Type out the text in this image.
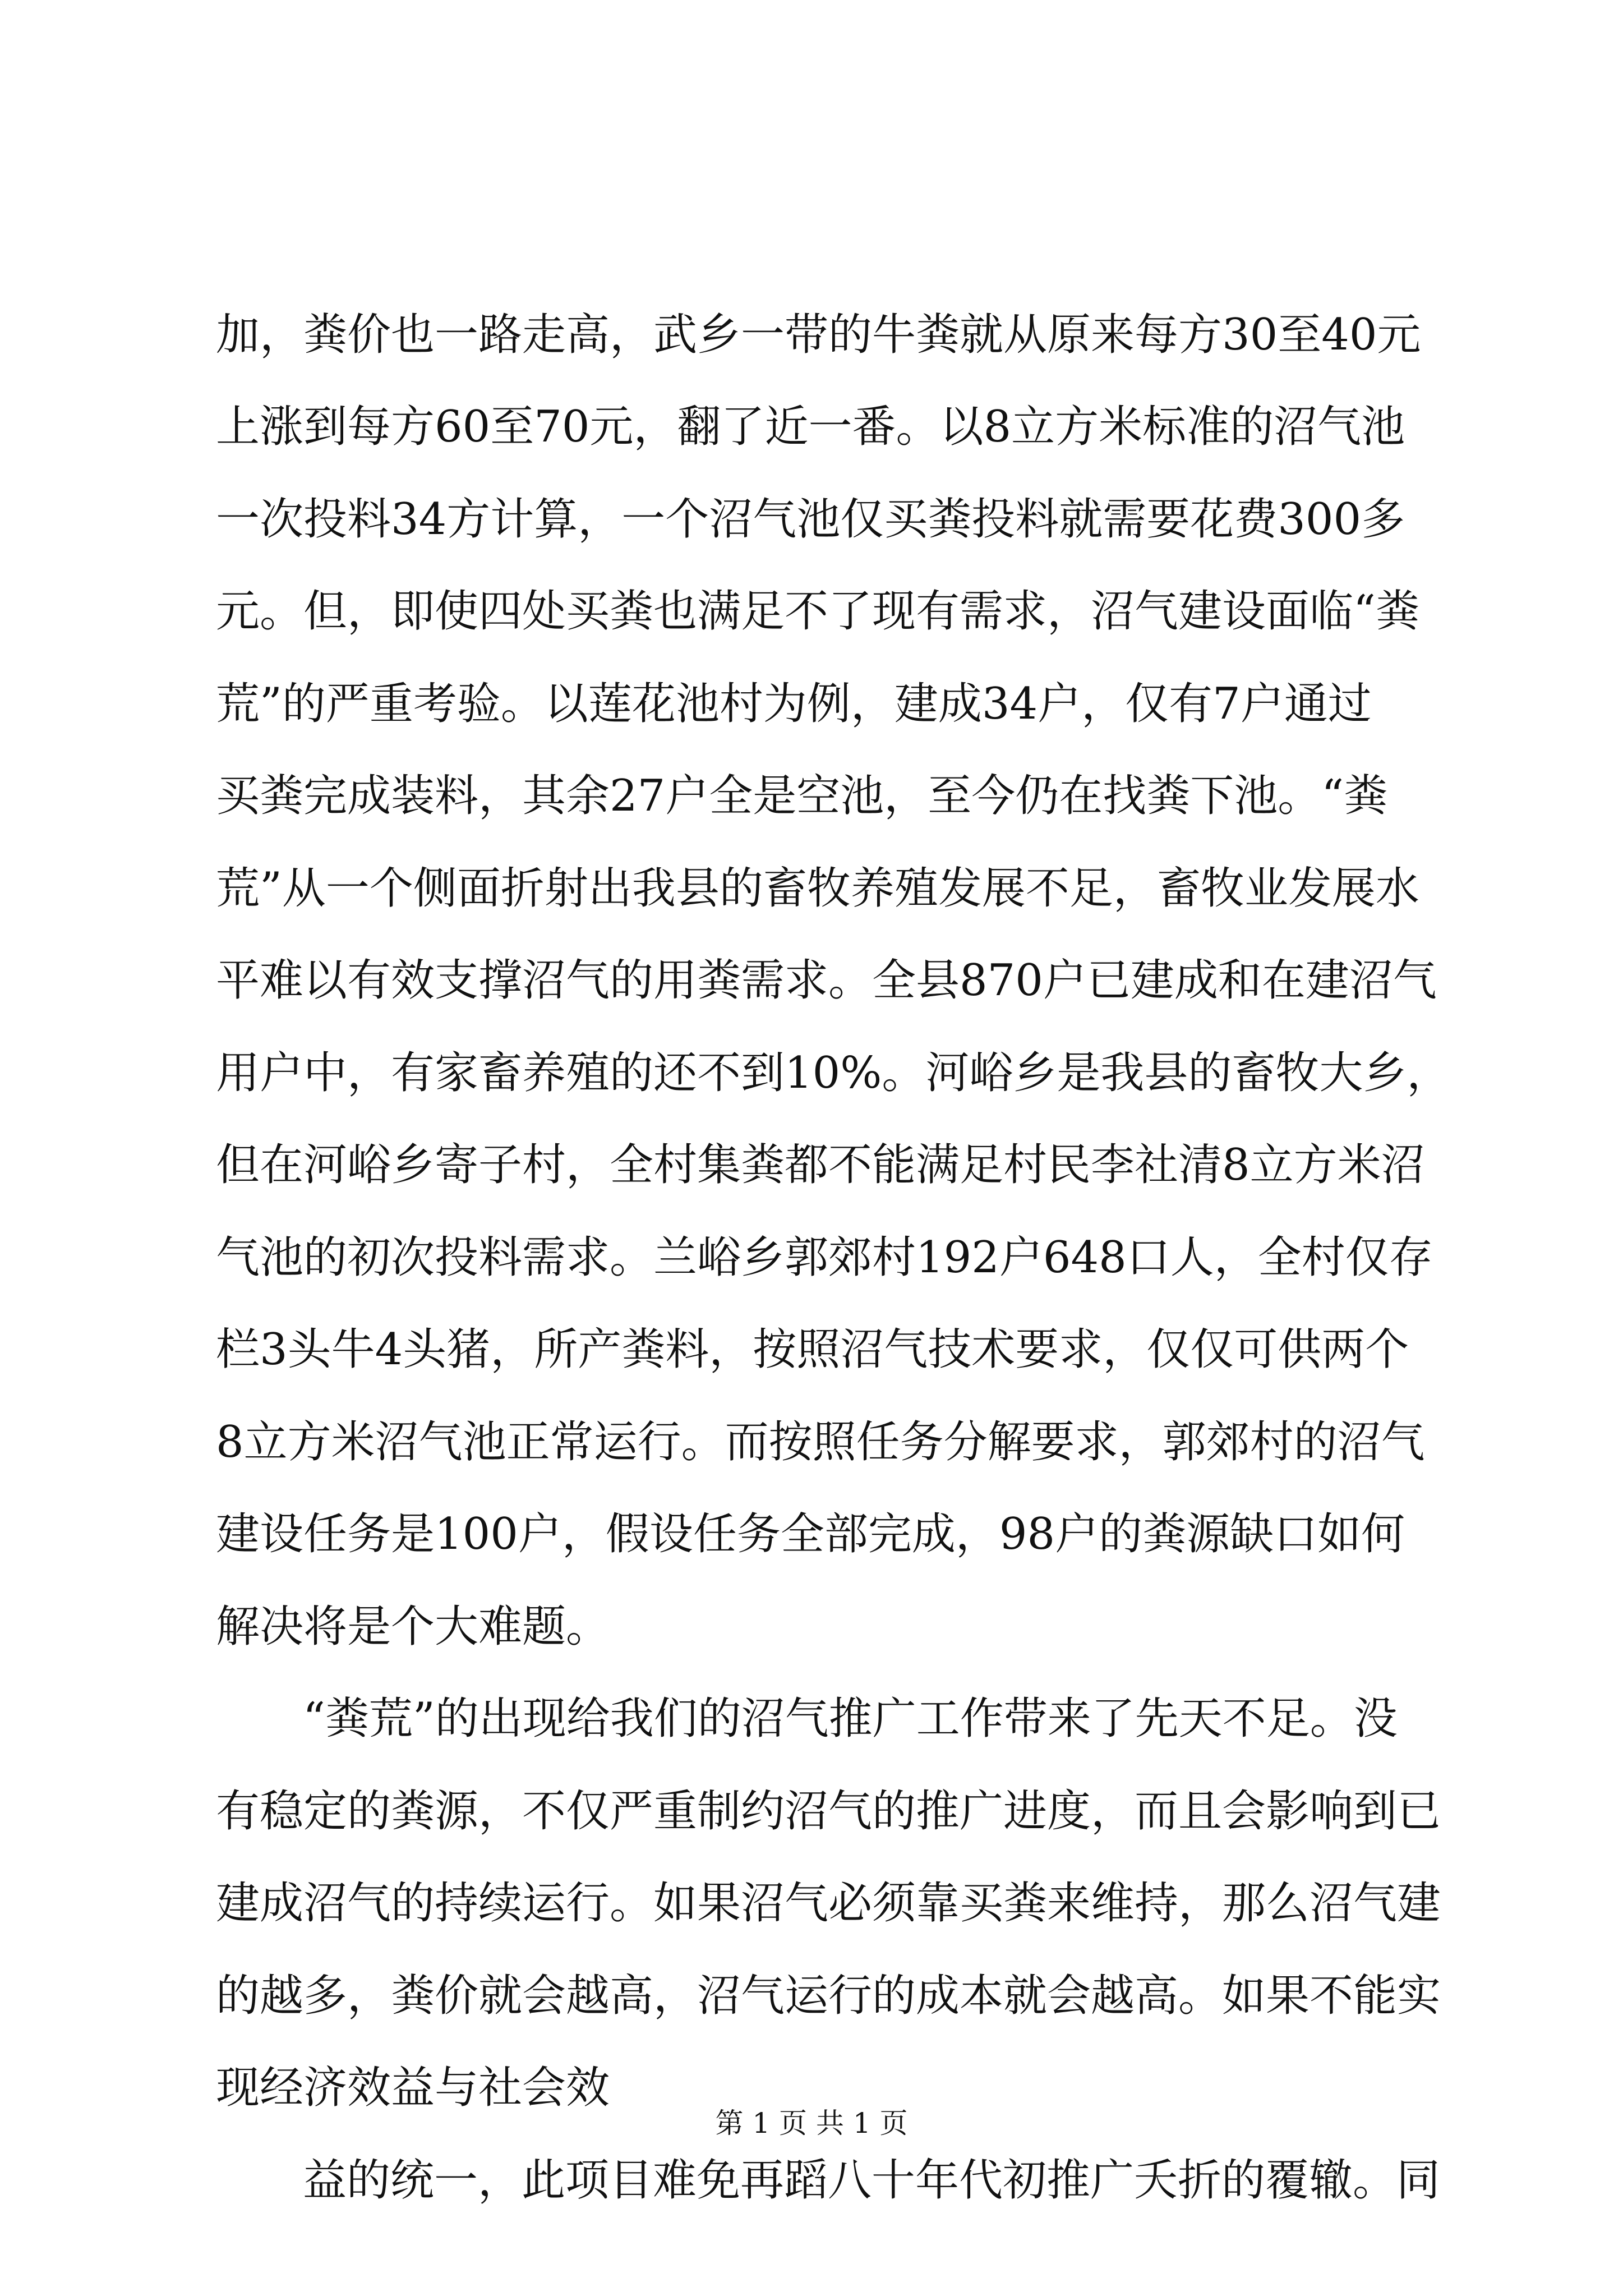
加，粪价也一路走高，武乡一带的牛粪就从原来每方30至40元

上涨到每方60至70元，翻了近一番。以8立方米标准的沼气池

一次投料34方计算，一个沼气池仅买粪投料就需要花费300多

元。但，即使四处买粪也满足不了现有需求，沼气建设面临“粪

荒”的严重考验。以莲花池村为例，建成34户，仅有7户通过

买粪完成装料，其余27户全是空池，至今仍在找粪下池。“粪

荒”从一个侧面折射出我县的畜牧养殖发展不足，畜牧业发展水

平难以有效支撑沼气的用粪需求。全县870户已建成和在建沼气

用户中，有家畜养殖的还不到10%。河峪乡是我县的畜牧大乡，

但在河峪乡寄子村，全村集粪都不能满足村民李社清8立方米沼

气池的初次投料需求。兰峪乡郭郊村192户648口人，全村仅存

栏3头牛4头猪，所产粪料，按照沼气技术要求，仅仅可供两个

8立方米沼气池正常运行。而按照任务分解要求，郭郊村的沼气

建设任务是100户，假设任务全部完成，98户的粪源缺口如何

解决将是个大难题。

“粪荒”的出现给我们的沼气推广工作带来了先天不足。没

有稳定的粪源，不仅严重制约沼气的推广进度，而且会影响到已

建成沼气的持续运行。如果沼气必须靠买粪来维持，那么沼气建

的越多，粪价就会越高，沼气运行的成本就会越高。如果不能实

现经济效益与社会效

益的统一，此项目难免再蹈八十年代初推广夭折的覆辙。同

第 1 页 共 1 页
